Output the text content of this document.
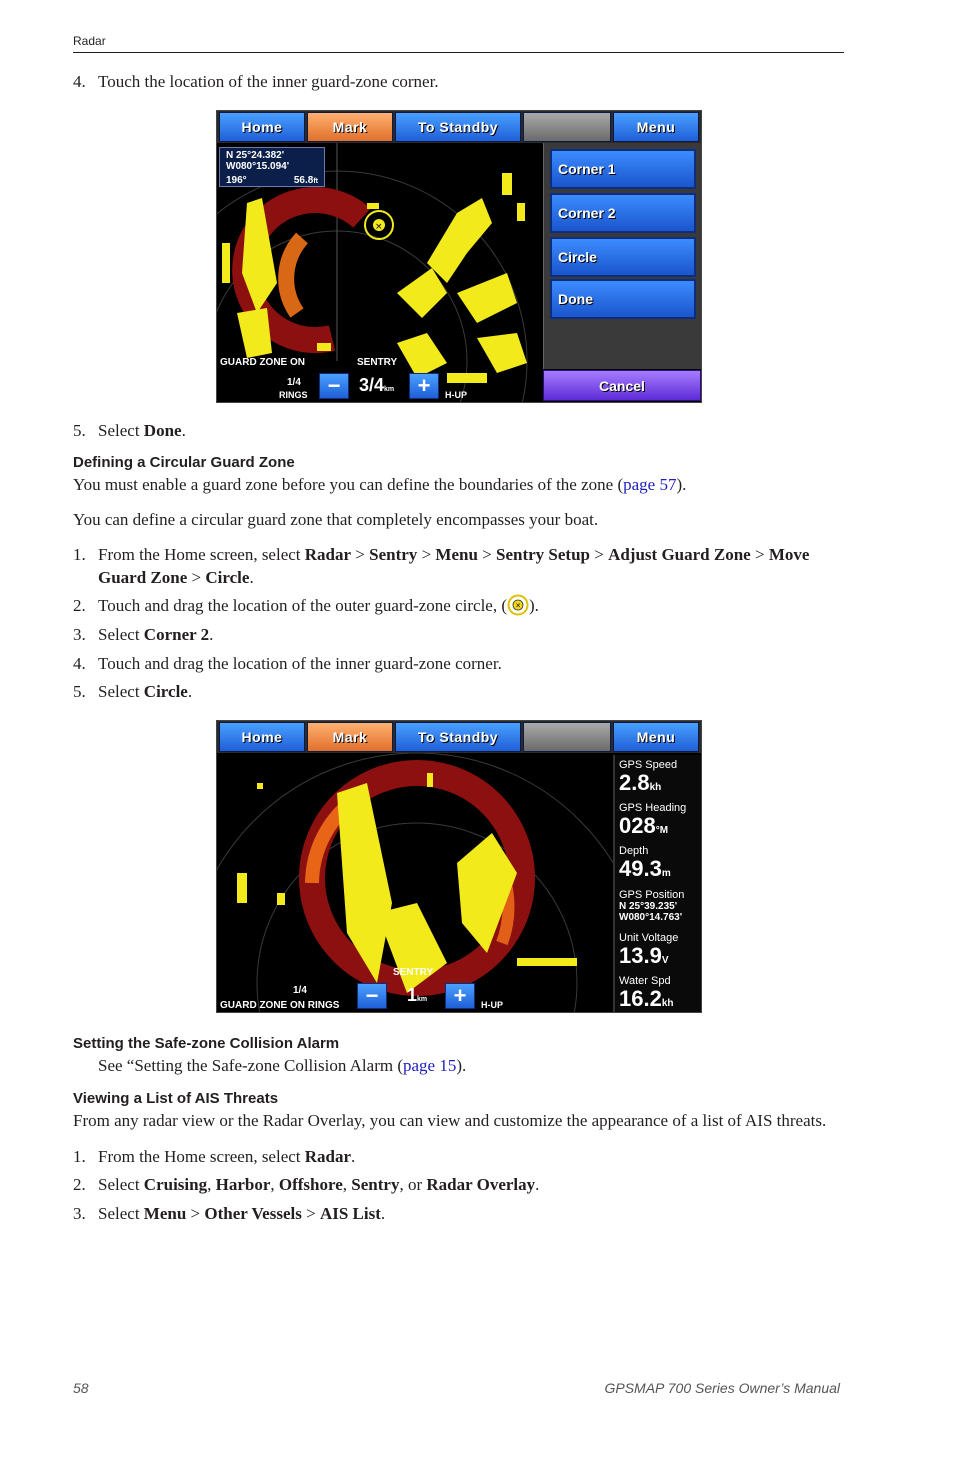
Radar
4. Touch the location of the inner guard-zone corner.
×
Home	Mark	To Standby	Menu
N 25°24.382'
W080°15.094'
196°	56.8ft
Corner 1
Corner 2
Circle
Done
Cancel
GUARD ZONE ON	SENTRY
1/4
RINGS −	3/4km	+	H-UP
5. Select Done.
Defining a Circular Guard Zone
You must enable a guard zone before you can define the boundaries of the zone (page 57).
You can define a circular guard zone that completely encompasses your boat.
1. From the Home screen, select Radar > Sentry > Menu > Sentry Setup > Adjust Guard Zone > Move
Guard Zone > Circle.
2. Touch and drag the location of the outer guard-zone circle, ( × ).
3. Select Corner 2.
4. Touch and drag the location of the inner guard-zone corner.
5. Select Circle.
Home	Mark	To Standby	Menu
GPS Speed
2.8kh
GPS Heading
028°M
Depth
49.3m
GPS Position
N 25°39.235'
W080°14.763'
Unit Voltage
13.9V
Water Spd
16.2kh
1/4
GUARD ZONE ON RINGS
SENTRY
−	1km	+	H-UP
Setting the Safe-zone Collision Alarm
See “Setting the Safe-zone Collision Alarm (page 15).
Viewing a List of AIS Threats
From any radar view or the Radar Overlay, you can view and customize the appearance of a list of AIS threats.
1. From the Home screen, select Radar.
2. Select Cruising, Harbor, Offshore, Sentry, or Radar Overlay.
3. Select Menu > Other Vessels > AIS List.
58	GPSMAP 700 Series Owner’s Manual
